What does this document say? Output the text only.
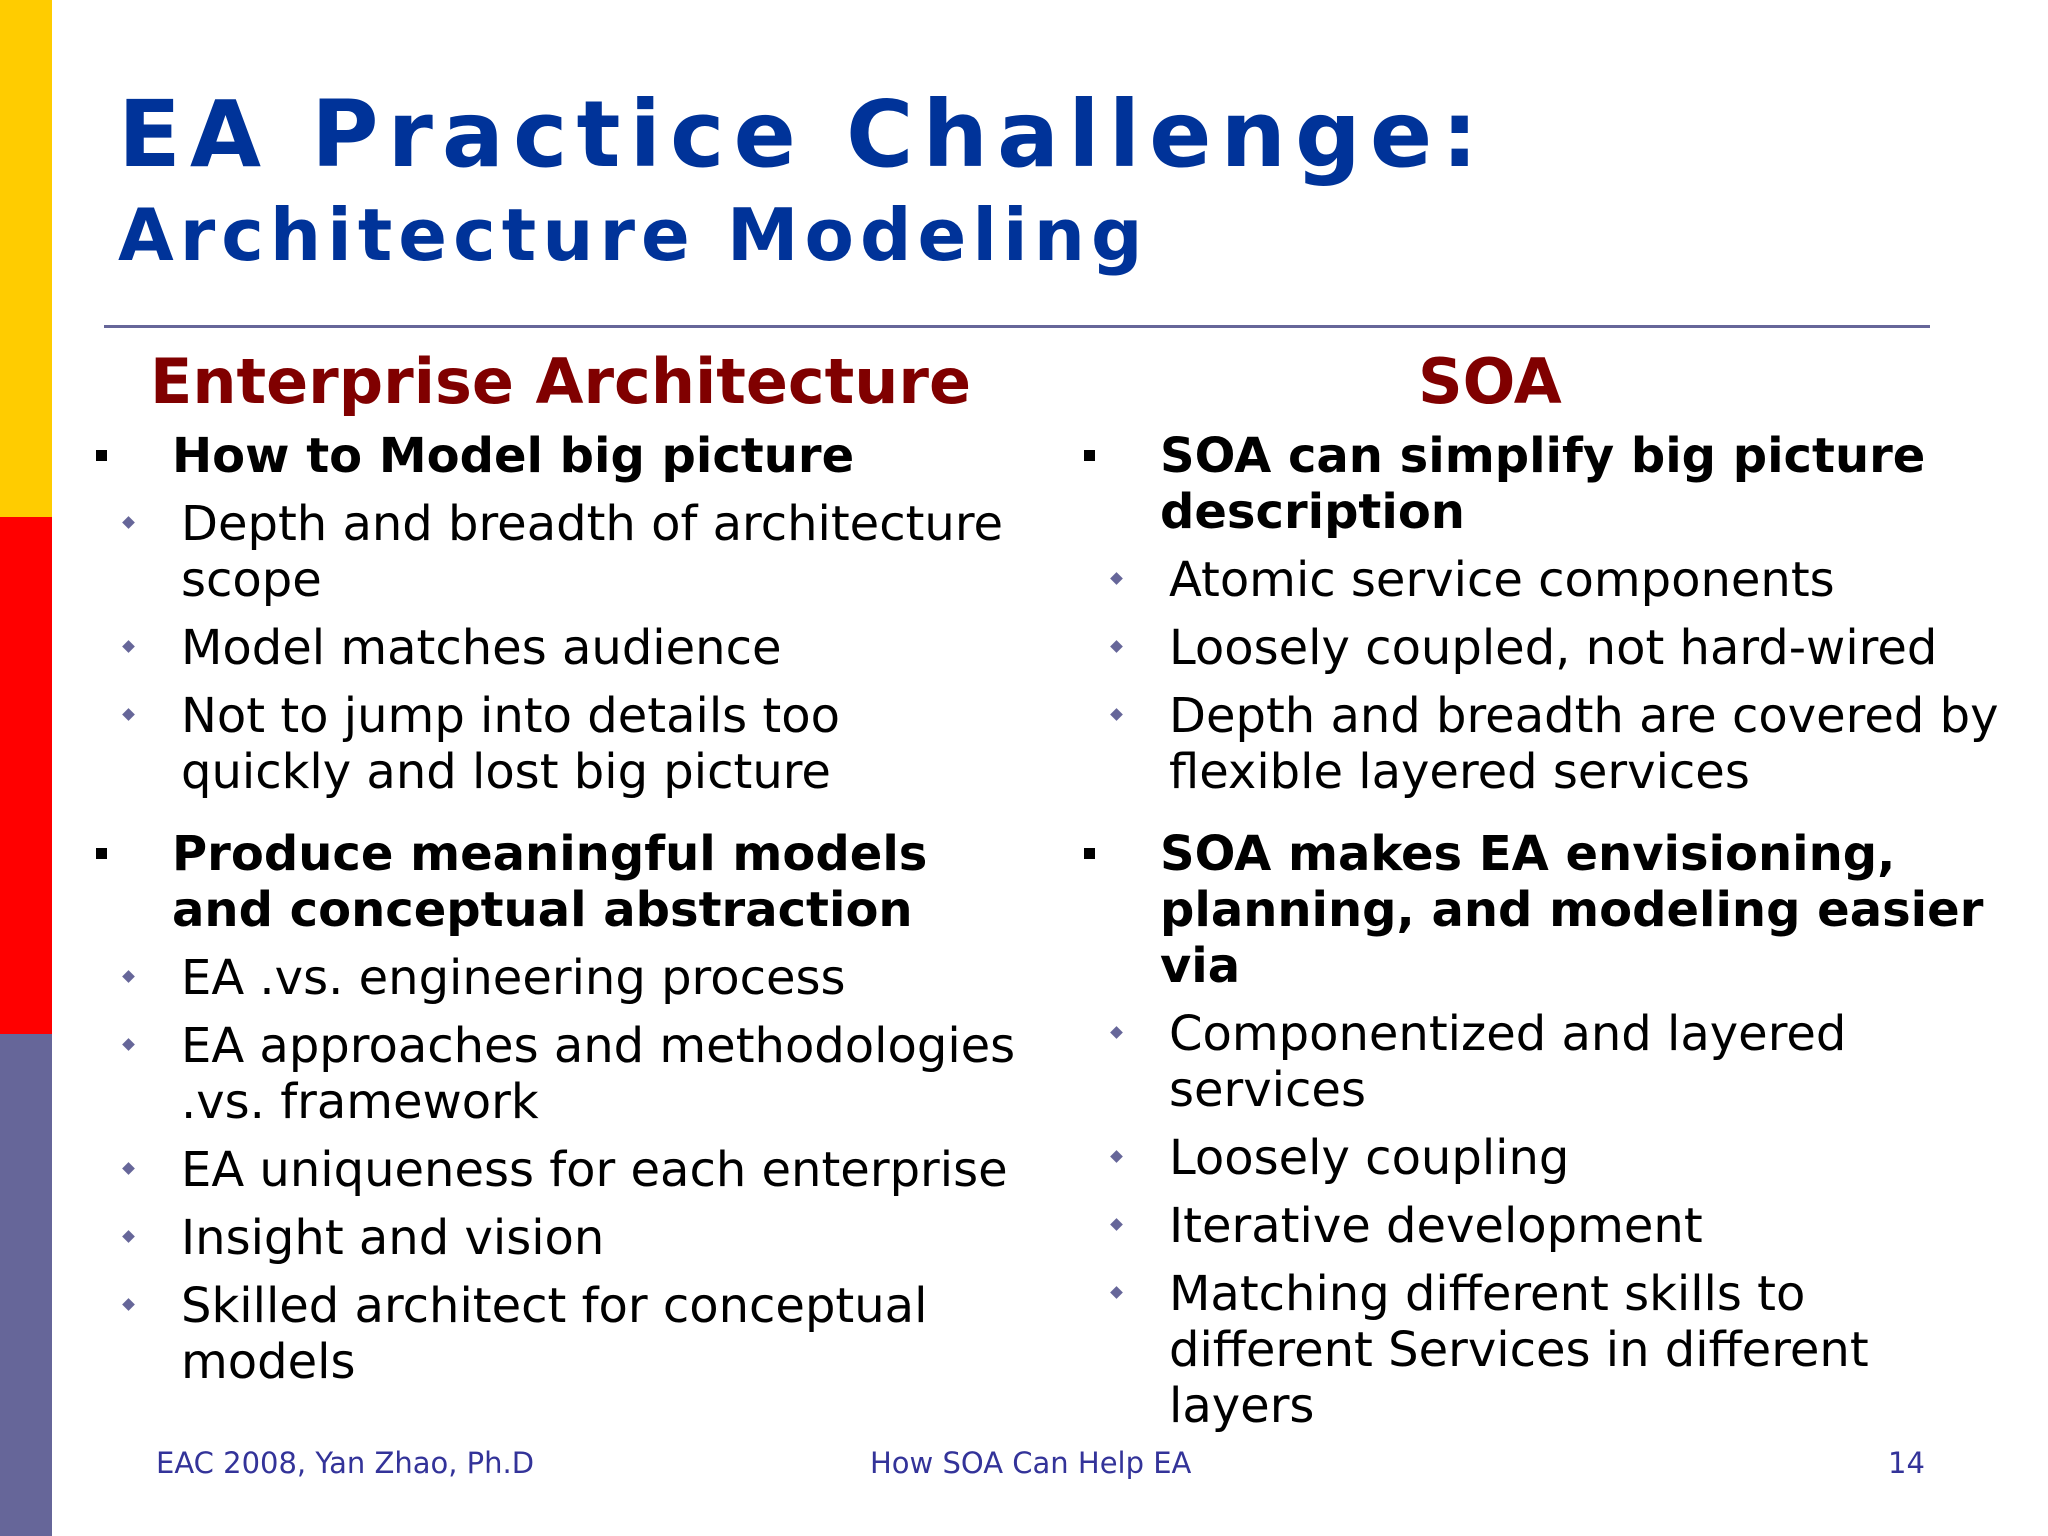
EA Practice Challenge:
Architecture Modeling
Enterprise Architecture	SOA
How to Model big picture
Depth and breadth of architecture scope
Model matches audience
Not to jump into details too quickly and lost big picture
Produce meaningful models and conceptual abstraction
EA .vs. engineering process
EA approaches and methodologies .vs. framework
EA uniqueness for each enterprise
Insight and vision
Skilled architect for conceptual models
SOA can simplify big picture description
Atomic service components
Loosely coupled, not hard-wired
Depth and breadth are covered by flexible layered services
SOA makes EA envisioning, planning, and modeling easier via
Componentized and layered services
Loosely coupling
Iterative development
Matching different skills to different Services in different layers
EAC 2008, Yan Zhao, Ph.D	How SOA Can Help EA	14
